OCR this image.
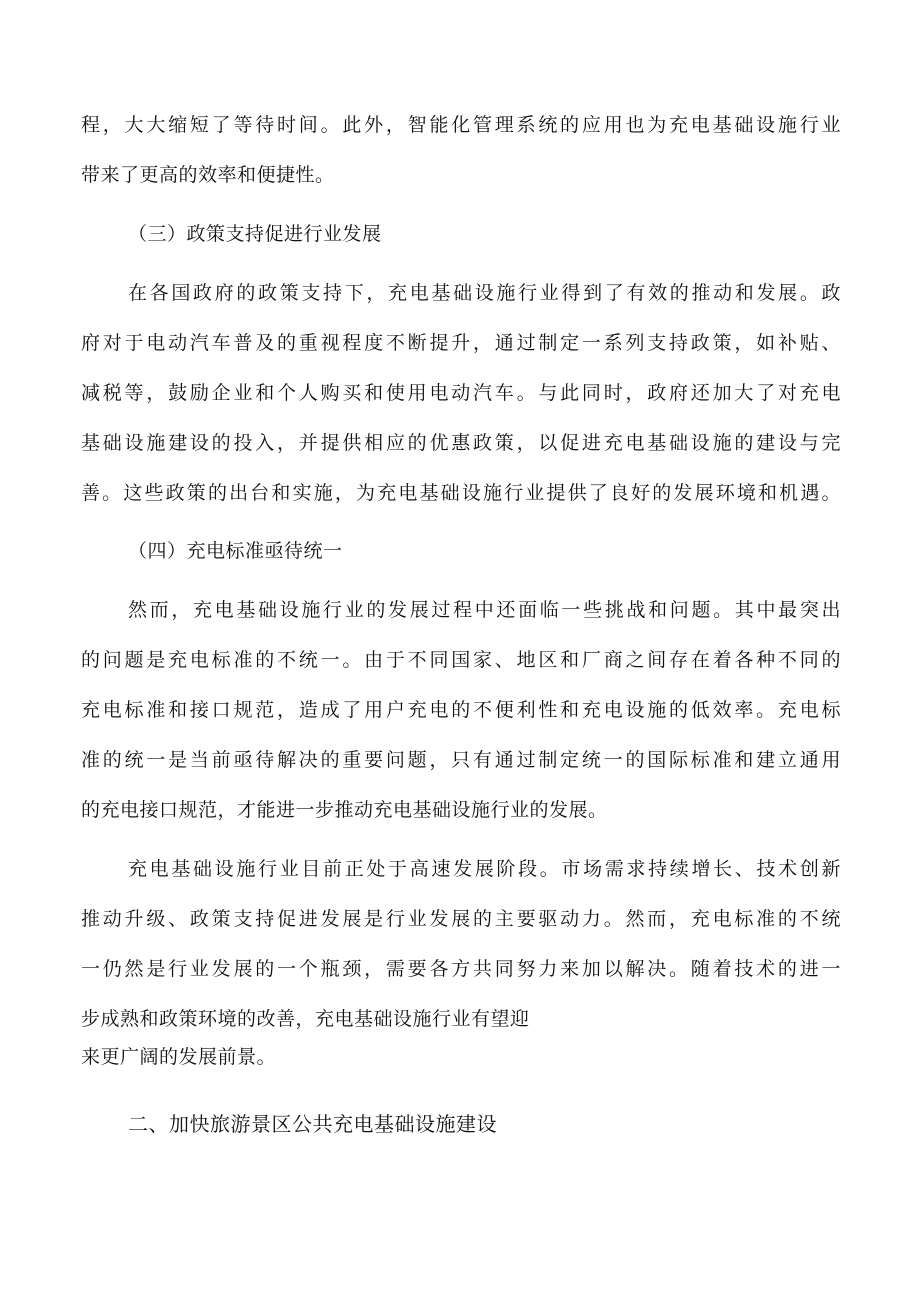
程，大大缩短了等待时间。此外，智能化管理系统的应用也为充电基础设施行业
带来了更高的效率和便捷性。
（三）政策支持促进行业发展
在各国政府的政策支持下，充电基础设施行业得到了有效的推动和发展。政
府对于电动汽车普及的重视程度不断提升，通过制定一系列支持政策，如补贴、
减税等，鼓励企业和个人购买和使用电动汽车。与此同时，政府还加大了对充电
基础设施建设的投入，并提供相应的优惠政策，以促进充电基础设施的建设与完
善。这些政策的出台和实施，为充电基础设施行业提供了良好的发展环境和机遇。
（四）充电标准亟待统一
然而，充电基础设施行业的发展过程中还面临一些挑战和问题。其中最突出
的问题是充电标准的不统一。由于不同国家、地区和厂商之间存在着各种不同的
充电标准和接口规范，造成了用户充电的不便利性和充电设施的低效率。充电标
准的统一是当前亟待解决的重要问题，只有通过制定统一的国际标准和建立通用
的充电接口规范，才能进一步推动充电基础设施行业的发展。
充电基础设施行业目前正处于高速发展阶段。市场需求持续增长、技术创新
推动升级、政策支持促进发展是行业发展的主要驱动力。然而，充电标准的不统
一仍然是行业发展的一个瓶颈，需要各方共同努力来加以解决。随着技术的进一
步成熟和政策环境的改善，充电基础设施行业有望迎
来更广阔的发展前景。
二、加快旅游景区公共充电基础设施建设
